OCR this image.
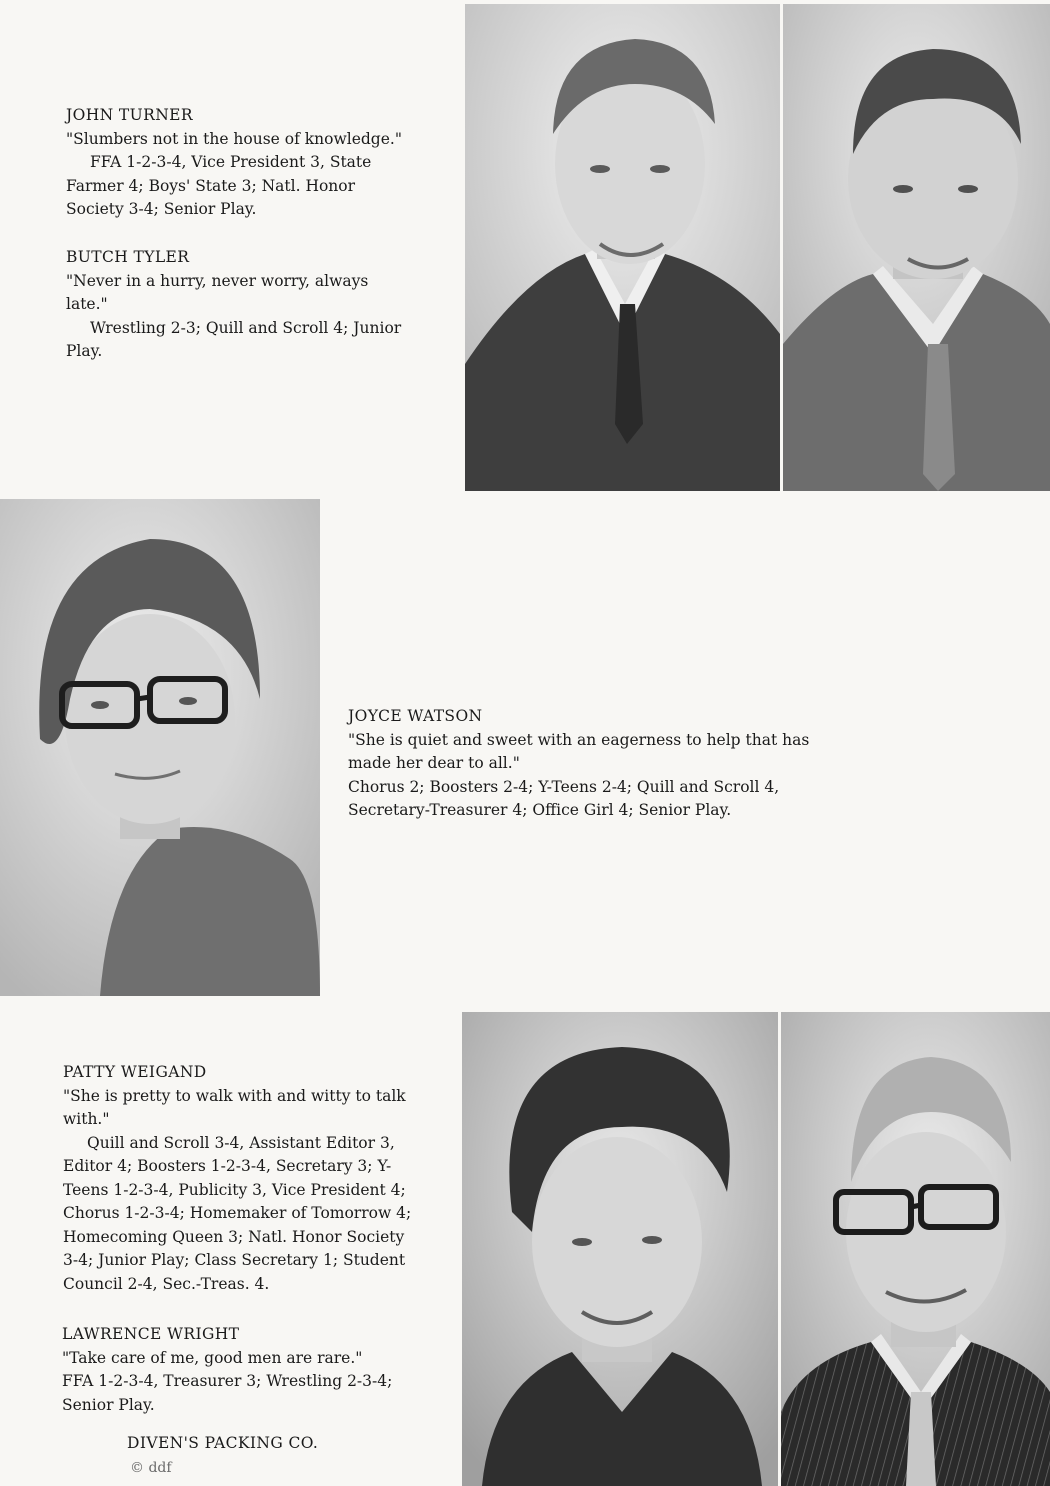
JOHN TURNER
"Slumbers not in the house of knowledge."
FFA 1-2-3-4, Vice President 3, State Farmer 4; Boys' State 3; Natl. Honor Society 3-4; Senior Play.
BUTCH TYLER
"Never in a hurry, never worry, always late."
Wrestling 2-3; Quill and Scroll 4; Junior Play.
JOYCE WATSON
"She is quiet and sweet with an eagerness to help that has made her dear to all."
Chorus 2; Boosters 2-4; Y-Teens 2-4; Quill and Scroll 4, Secretary-Treasurer 4; Office Girl 4; Senior Play.
PATTY WEIGAND
"She is pretty to walk with and witty to talk with."
Quill and Scroll 3-4, Assistant Editor 3, Editor 4; Boosters 1-2-3-4, Secretary 3; Y-Teens 1-2-3-4, Publicity 3, Vice President 4; Chorus 1-2-3-4; Homemaker of Tomorrow 4; Homecoming Queen 3; Natl. Honor Society 3-4; Junior Play; Class Secretary 1; Student Council 2-4, Sec.-Treas. 4.
LAWRENCE WRIGHT
"Take care of me, good men are rare."
FFA 1-2-3-4, Treasurer 3; Wrestling 2-3-4; Senior Play.
DIVEN'S PACKING CO.
© ddf
